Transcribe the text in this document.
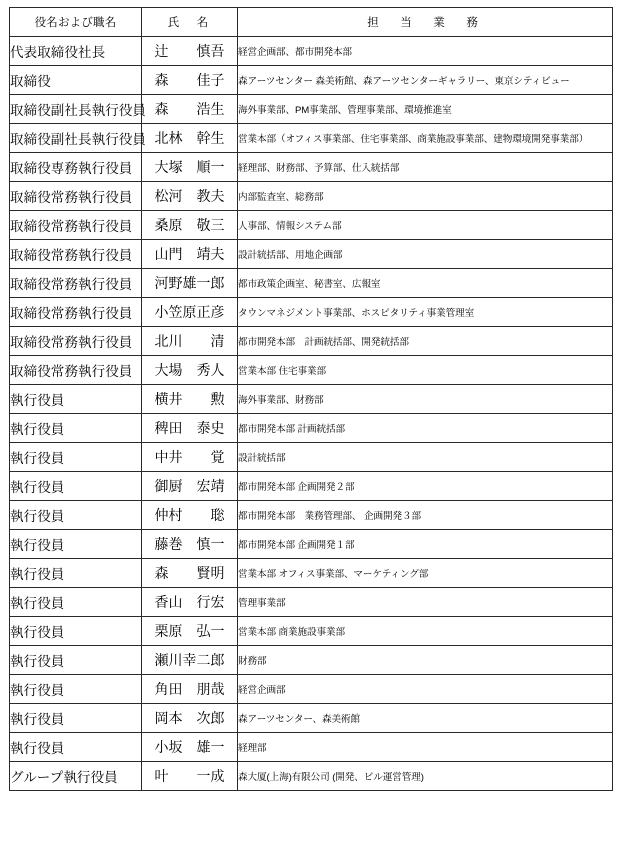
役名および職名	氏　名	担　当　業　務
代表取締役社長	辻　　慎吾	経営企画部、都市開発本部
取締役	森　　佳子	森アーツセンター 森美術館、森アーツセンターギャラリー、東京シティビュー
取締役副社長執行役員	森　　浩生	海外事業部、PM事業部、管理事業部、環境推進室
取締役副社長執行役員	北林　幹生	営業本部（オフィス事業部、住宅事業部、商業施設事業部、建物環境開発事業部）
取締役専務執行役員	大塚　順一	経理部、財務部、予算部、仕入統括部
取締役常務執行役員	松河　教夫	内部監査室、総務部
取締役常務執行役員	桑原　敬三	人事部、情報システム部
取締役常務執行役員	山門　靖夫	設計統括部、用地企画部
取締役常務執行役員	河野雄一郎	都市政策企画室、秘書室、広報室
取締役常務執行役員	小笠原正彦	タウンマネジメント事業部、ホスピタリティ事業管理室
取締役常務執行役員	北川　　清	都市開発本部　計画統括部、開発統括部
取締役常務執行役員	大場　秀人	営業本部 住宅事業部
執行役員	横井　　勲	海外事業部、財務部
執行役員	稗田　泰史	都市開発本部 計画統括部
執行役員	中井　　覚	設計統括部
執行役員	御厨　宏靖	都市開発本部 企画開発２部
執行役員	仲村　　聡	都市開発本部　業務管理部、 企画開発３部
執行役員	藤巻　慎一	都市開発本部 企画開発１部
執行役員	森　　賢明	営業本部 オフィス事業部、マーケティング部
執行役員	香山　行宏	管理事業部
執行役員	栗原　弘一	営業本部 商業施設事業部
執行役員	瀬川幸二郎	財務部
執行役員	角田　朋哉	経営企画部
執行役員	岡本　次郎	森アーツセンター、森美術館
執行役員	小坂　雄一	経理部
グループ執行役員	叶　　一成	森大厦(上海)有限公司 (開発、ビル運営管理)
